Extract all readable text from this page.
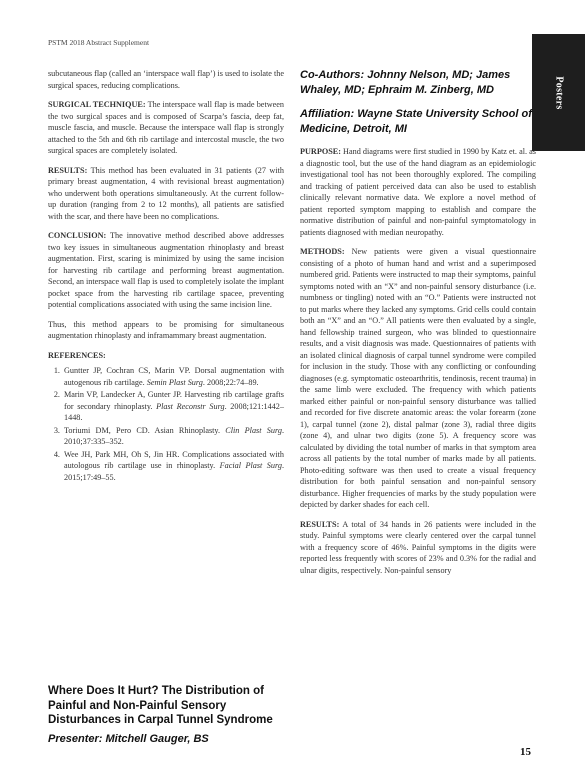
PSTM 2018 Abstract Supplement
Posters

subcutaneous flap (called an ‘interspace wall flap’) is used to isolate the surgical spaces, reducing complications.

SURGICAL TECHNIQUE: The interspace wall flap is made between the two surgical spaces and is composed of Scarpa’s fascia, deep fat, muscle fascia, and muscle. Because the interspace wall flap is strongly attached to the 5th and 6th rib cartilage and intercostal muscle, the two surgical spaces are completely isolated.

RESULTS: This method has been evaluated in 31 patients (27 with primary breast augmentation, 4 with revisional breast augmentation) who underwent both operations simultaneously. At the current follow-up duration (ranging from 2 to 12 months), all patients are satisfied with the scar, and there have been no complications.

CONCLUSION: The innovative method described above addresses two key issues in simultaneous augmentation rhinoplasty and breast augmentation. First, scaring is minimized by using the same incision for harvesting rib cartilage and performing breast augmentation. Second, an interspace wall flap is used to completely isolate the implant pocket space from the harvesting rib cartilage spacee, preventing potential complications associated with using the same incision line.

Thus, this method appears to be promising for simultaneous augmentation rhinoplasty and inframammary breast augmentation.

REFERENCES:
1. Guntter JP, Cochran CS, Marin VP. Dorsal augmentation with autogenous rib cartilage. Semin Plast Surg. 2008;22:74–89.
2. Marin VP, Landecker A, Gunter JP. Harvesting rib cartilage grafts for secondary rhinoplasty. Plast Reconstr Surg. 2008;121:1442–1448.
3. Toriumi DM, Pero CD. Asian Rhinoplasty. Clin Plast Surg. 2010;37:335–352.
4. Wee JH, Park MH, Oh S, Jin HR. Complications associated with autologous rib cartilage use in rhinoplasty. Facial Plast Surg. 2015;17:49–55.
Where Does It Hurt? The Distribution of Painful and Non-Painful Sensory Disturbances in Carpal Tunnel Syndrome
Presenter: Mitchell Gauger, BS
Co-Authors: Johnny Nelson, MD; James Whaley, MD; Ephraim M. Zinberg, MD
Affiliation: Wayne State University School of Medicine, Detroit, MI

PURPOSE: Hand diagrams were first studied in 1990 by Katz et. al. as a diagnostic tool, but the use of the hand diagram as an epidemiologic investigational tool has not been thoroughly explored. The compiling and tracking of patient perceived data can also be used to establish clinically relevant normative data. We explore a novel method of patient reported symptom mapping to establish and compare the normative distribution of painful and non-painful symptomatology in patients diagnosed with median neuropathy.

METHODS: New patients were given a visual questionnaire consisting of a photo of human hand and wrist and a superimposed numbered grid. Patients were instructed to map their symptoms, painful symptoms noted with an “X” and non-painful sensory disturbance (i.e. numbness or tingling) noted with an “O.” Patients were instructed not to put marks where they lacked any symptoms. Grid cells could contain both an “X” and an “O.” All patients were then evaluated by a single, hand fellowship trained surgeon, who was blinded to questionnaire results, and a visit diagnosis was made. Questionnaires of patients with an isolated clinical diagnosis of carpal tunnel syndrome were compiled for inclusion in the study. Those with any conflicting or confounding diagnoses (e.g. symptomatic osteoarthritis, tendinosis, recent trauma) in the same limb were excluded. The frequency with which patients marked either painful or non-painful sensory disturbance was tallied and recorded for five discrete anatomic areas: the volar forearm (zone 1), carpal tunnel (zone 2), distal palmar (zone 3), radial three digits (zone 4), and ulnar two digits (zone 5). A frequency score was calculated by dividing the total number of marks in that symptom area across all patients by the total number of marks made by all patients. Photo-editing software was then used to create a visual frequency distribution for both painful sensation and non-painful sensory disturbance. Higher frequencies of marks by the study population were depicted by darker shades for each cell.

RESULTS: A total of 34 hands in 26 patients were included in the study. Painful symptoms were clearly centered over the carpal tunnel with a frequency score of 46%. Painful symptoms in the digits were reported less frequently with scores of 23% and 0.3% for the radial and ulnar digits, respectively. Non-painful sensory

15
